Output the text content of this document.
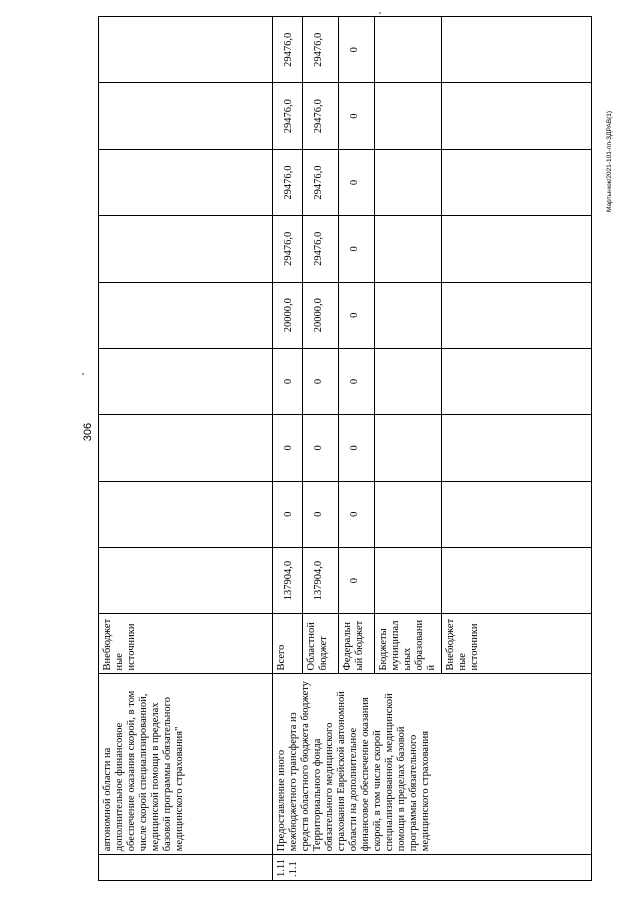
306
Мартынюк/2021-101-пп-ЗДРАВ(1)
	автономной области на дополнительное финансовое обеспечение оказания скорой, в том числе скорой специализированной, медицинской помощи в пределах базовой программы обязательного медицинского страхования"	Внебюджетные источники									
1.11.1.1	Предоставление иного межбюджетного трансферта из средств областного бюджета бюджету Территориального фонда обязательного медицинского страхования Еврейской автономной области на дополнительное финансовое обеспечение оказания скорой, в том числе скорой специализированной, медицинской помощи в пределах базовой программы обязательного медицинского страхования	Всего	137904,0	0	0	0	20000,0	29476,0	29476,0	29476,0	29476,0
		Областной бюджет	137904,0	0	0	0	20000,0	29476,0	29476,0	29476,0	29476,0
		Федеральный бюджет	0	0	0	0	0	0	0	0	0
		Бюджеты муниципальных образований									
		Внебюджетные источники									
